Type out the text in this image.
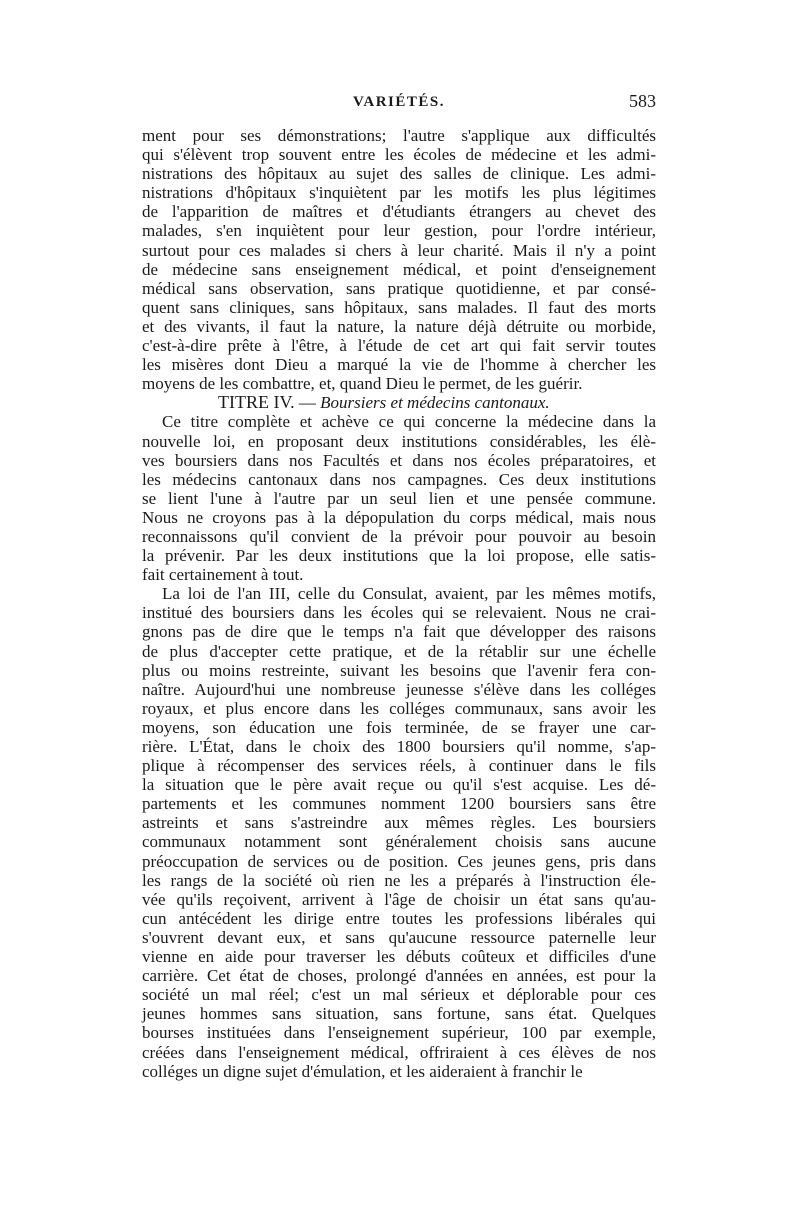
VARIÉTÉS.	583
ment pour ses démonstrations; l'autre s'applique aux difficultés
qui s'élèvent trop souvent entre les écoles de médecine et les admi-
nistrations des hôpitaux au sujet des salles de clinique. Les admi-
nistrations d'hôpitaux s'inquiètent par les motifs les plus légitimes
de l'apparition de maîtres et d'étudiants étrangers au chevet des
malades, s'en inquiètent pour leur gestion, pour l'ordre intérieur,
surtout pour ces malades si chers à leur charité. Mais il n'y a point
de médecine sans enseignement médical, et point d'enseignement
médical sans observation, sans pratique quotidienne, et par consé-
quent sans cliniques, sans hôpitaux, sans malades. Il faut des morts
et des vivants, il faut la nature, la nature déjà détruite ou morbide,
c'est-à-dire prête à l'être, à l'étude de cet art qui fait servir toutes
les misères dont Dieu a marqué la vie de l'homme à chercher les
moyens de les combattre, et, quand Dieu le permet, de les guérir.
TITRE IV. — Boursiers et médecins cantonaux.
Ce titre complète et achève ce qui concerne la médecine dans la
nouvelle loi, en proposant deux institutions considérables, les élè-
ves boursiers dans nos Facultés et dans nos écoles préparatoires, et
les médecins cantonaux dans nos campagnes. Ces deux institutions
se lient l'une à l'autre par un seul lien et une pensée commune.
Nous ne croyons pas à la dépopulation du corps médical, mais nous
reconnaissons qu'il convient de la prévoir pour pouvoir au besoin
la prévenir. Par les deux institutions que la loi propose, elle satis-
fait certainement à tout.
La loi de l'an III, celle du Consulat, avaient, par les mêmes motifs,
institué des boursiers dans les écoles qui se relevaient. Nous ne crai-
gnons pas de dire que le temps n'a fait que développer des raisons
de plus d'accepter cette pratique, et de la rétablir sur une échelle
plus ou moins restreinte, suivant les besoins que l'avenir fera con-
naître. Aujourd'hui une nombreuse jeunesse s'élève dans les colléges
royaux, et plus encore dans les colléges communaux, sans avoir les
moyens, son éducation une fois terminée, de se frayer une car-
rière. L'État, dans le choix des 1800 boursiers qu'il nomme, s'ap-
plique à récompenser des services réels, à continuer dans le fils
la situation que le père avait reçue ou qu'il s'est acquise. Les dé-
partements et les communes nomment 1200 boursiers sans être
astreints et sans s'astreindre aux mêmes règles. Les boursiers
communaux notamment sont généralement choisis sans aucune
préoccupation de services ou de position. Ces jeunes gens, pris dans
les rangs de la société où rien ne les a préparés à l'instruction éle-
vée qu'ils reçoivent, arrivent à l'âge de choisir un état sans qu'au-
cun antécédent les dirige entre toutes les professions libérales qui
s'ouvrent devant eux, et sans qu'aucune ressource paternelle leur
vienne en aide pour traverser les débuts coûteux et difficiles d'une
carrière. Cet état de choses, prolongé d'années en années, est pour la
société un mal réel; c'est un mal sérieux et déplorable pour ces
jeunes hommes sans situation, sans fortune, sans état. Quelques
bourses instituées dans l'enseignement supérieur, 100 par exemple,
créées dans l'enseignement médical, offriraient à ces élèves de nos
colléges un digne sujet d'émulation, et les aideraient à franchir le
